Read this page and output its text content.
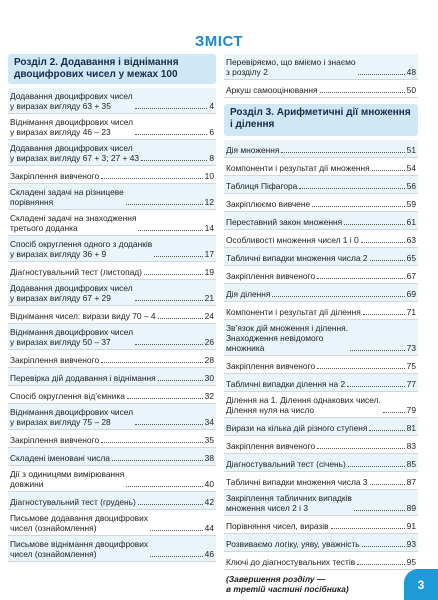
ЗМІСТ
Розділ 2. Додавання і віднімання двоцифрових чисел у межах 100
Додавання двоцифрових чисел
у виразах вигляду 63 + 35	4
Віднімання двоцифрових чисел
у виразах вигляду 46 – 23	6
Додавання двоцифрових чисел
у виразах вигляду 67 + 3; 27 + 43	8
Закріплення вивченого	10
Складені задачі на різницеве
порівняння	12
Складені задачі на знаходження
третього доданка	14
Спосіб округлення одного з доданків
у виразах вигляду 36 + 9	17
Діагностувальний тест (листопад)	19
Додавання двоцифрових чисел
у виразах вигляду 67 + 29	21
Віднімання чисел: вирази виду 70 – 4	24
Віднімання двоцифрових чисел
у виразах вигляду 50 – 37	26
Закріплення вивченого	28
Перевірка дій додавання і віднімання	30
Спосіб округлення від’ємника	32
Віднімання двоцифрових чисел
у виразах вигляду 75 – 28	34
Закріплення вивченого	35
Складені іменовані числа	38
Дії з одиницями вимірювання
довжини	40
Діагностувальний тест (грудень)	42
Письмове додавання двоцифрових
чисел (ознайомлення)	44
Письмове віднімання двоцифрових
чисел (ознайомлення)	46
Перевіряємо, що вміємо і знаємо
з розділу 2	48
Аркуш самооцінювання	50
Розділ 3. Арифметичні дії множення і ділення
Дія множення	51
Компоненти і результат дії множення	54
Таблиця Піфагора	56
Закріплюємо вивчене	59
Переставний закон множення	61
Особливості множення чисел 1 і 0	63
Табличні випадки множення числа 2	65
Закріплення вивченого	67
Дія ділення	69
Компоненти і результат дії ділення	71
Зв’язок дій множення і ділення.
Знаходження невідомого
множника	73
Закріплення вивченого	75
Табличні випадки ділення на 2	77
Ділення на 1. Ділення однакових чисел.
Ділення нуля на число	79
Вирази на кілька дій різного ступеня	81
Закріплення вивченого	83
Діагностувальний тест (січень)	85
Табличні випадки множення числа 3	87
Закріплення табличних випадків
множення чисел 2 і 3	89
Порівняння чисел, виразів	91
Розвиваємо логіку, уяву, уважність	93
Ключі до діагностувальних тестів	95
(Завершення розділу —
в третій частині посібника)	3
